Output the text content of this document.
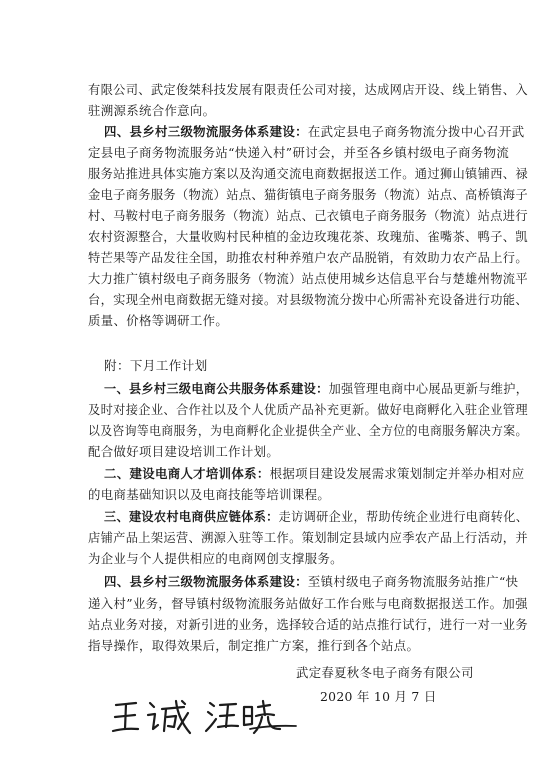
有限公司、武定俊桀科技发展有限责任公司对接，达成网店开设、线上销售、入
驻溯源系统合作意向。
四、县乡村三级物流服务体系建设：在武定县电子商务物流分拨中心召开武
定县电子商务物流服务站“快递入村”研讨会，并至各乡镇村级电子商务物流
服务站推进具体实施方案以及沟通交流电商数据报送工作。通过狮山镇铺西、禄
金电子商务服务（物流）站点、猫街镇电子商务服务（物流）站点、高桥镇海子
村、马鞍村电子商务服务（物流）站点、己衣镇电子商务服务（物流）站点进行
农村资源整合，大量收购村民种植的金边玫瑰花茶、玫瑰茄、雀嘴茶、鸭子、凯
特芒果等产品发往全国，助推农村种养殖户农产品脱销，有效助力农产品上行。
大力推广镇村级电子商务服务（物流）站点使用城乡达信息平台与楚雄州物流平
台，实现全州电商数据无缝对接。对县级物流分拨中心所需补充设备进行功能、
质量、价格等调研工作。
附：下月工作计划
一、县乡村三级电商公共服务体系建设：加强管理电商中心展品更新与维护，
及时对接企业、合作社以及个人优质产品补充更新。做好电商孵化入驻企业管理
以及咨询等电商服务，为电商孵化企业提供全产业、全方位的电商服务解决方案。
配合做好项目建设培训工作计划。
二、建设电商人才培训体系：根据项目建设发展需求策划制定并举办相对应
的电商基础知识以及电商技能等培训课程。
三、建设农村电商供应链体系：走访调研企业，帮助传统企业进行电商转化、
店铺产品上架运营、溯源入驻等工作。策划制定县域内应季农产品上行活动，并
为企业与个人提供相应的电商网创支撑服务。
四、县乡村三级物流服务体系建设：至镇村级电子商务物流服务站推广“快
递入村”业务，督导镇村级物流服务站做好工作台账与电商数据报送工作。加强
站点业务对接，对新引进的业务，选择较合适的站点推行试行，进行一对一业务
指导操作，取得效果后，制定推广方案，推行到各个站点。
武定春夏秋冬电子商务有限公司
2020 年 10 月 7 日
